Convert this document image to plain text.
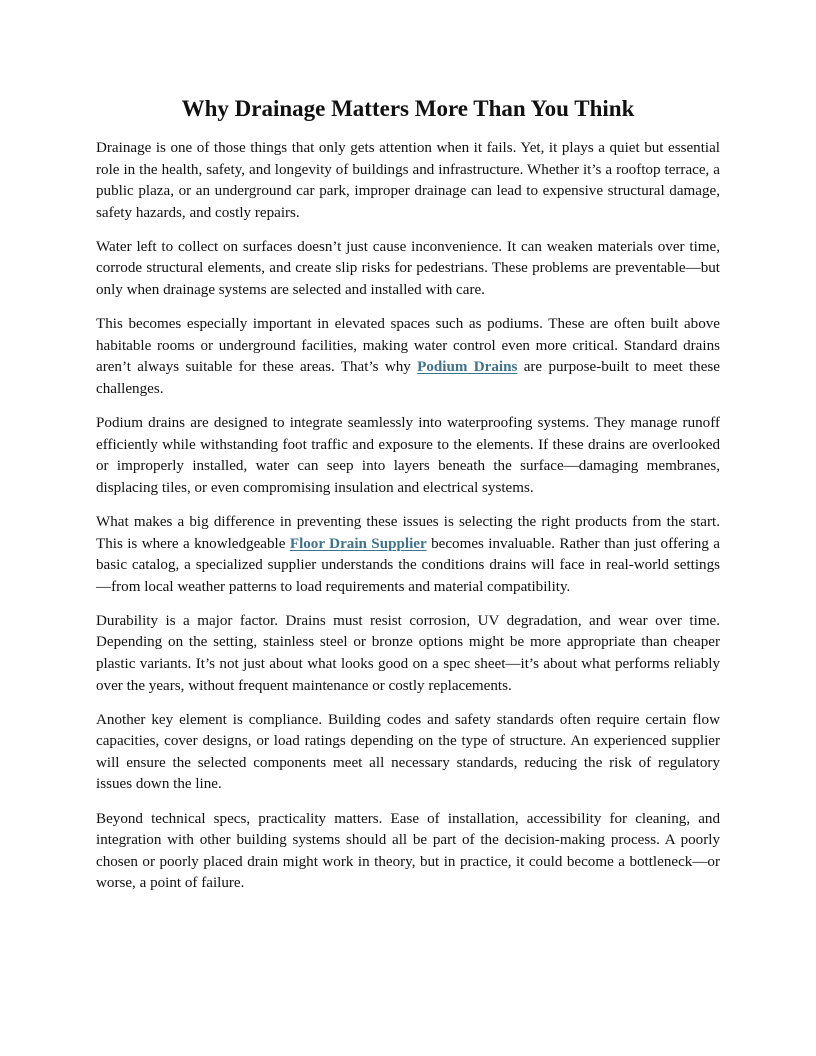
Why Drainage Matters More Than You Think

Drainage is one of those things that only gets attention when it fails. Yet, it plays a quiet but essential role in the health, safety, and longevity of buildings and infrastructure. Whether it’s a rooftop terrace, a public plaza, or an underground car park, improper drainage can lead to expensive structural damage, safety hazards, and costly repairs.

Water left to collect on surfaces doesn’t just cause inconvenience. It can weaken materials over time, corrode structural elements, and create slip risks for pedestrians. These problems are preventable—but only when drainage systems are selected and installed with care.

This becomes especially important in elevated spaces such as podiums. These are often built above habitable rooms or underground facilities, making water control even more critical. Standard drains aren’t always suitable for these areas. That’s why Podium Drains are purpose-built to meet these challenges.

Podium drains are designed to integrate seamlessly into waterproofing systems. They manage runoff efficiently while withstanding foot traffic and exposure to the elements. If these drains are overlooked or improperly installed, water can seep into layers beneath the surface—damaging membranes, displacing tiles, or even compromising insulation and electrical systems.

What makes a big difference in preventing these issues is selecting the right products from the start. This is where a knowledgeable Floor Drain Supplier becomes invaluable. Rather than just offering a basic catalog, a specialized supplier understands the conditions drains will face in real-world settings—from local weather patterns to load requirements and material compatibility.

Durability is a major factor. Drains must resist corrosion, UV degradation, and wear over time. Depending on the setting, stainless steel or bronze options might be more appropriate than cheaper plastic variants. It’s not just about what looks good on a spec sheet—it’s about what performs reliably over the years, without frequent maintenance or costly replacements.

Another key element is compliance. Building codes and safety standards often require certain flow capacities, cover designs, or load ratings depending on the type of structure. An experienced supplier will ensure the selected components meet all necessary standards, reducing the risk of regulatory issues down the line.

Beyond technical specs, practicality matters. Ease of installation, accessibility for cleaning, and integration with other building systems should all be part of the decision-making process. A poorly chosen or poorly placed drain might work in theory, but in practice, it could become a bottleneck—or worse, a point of failure.
